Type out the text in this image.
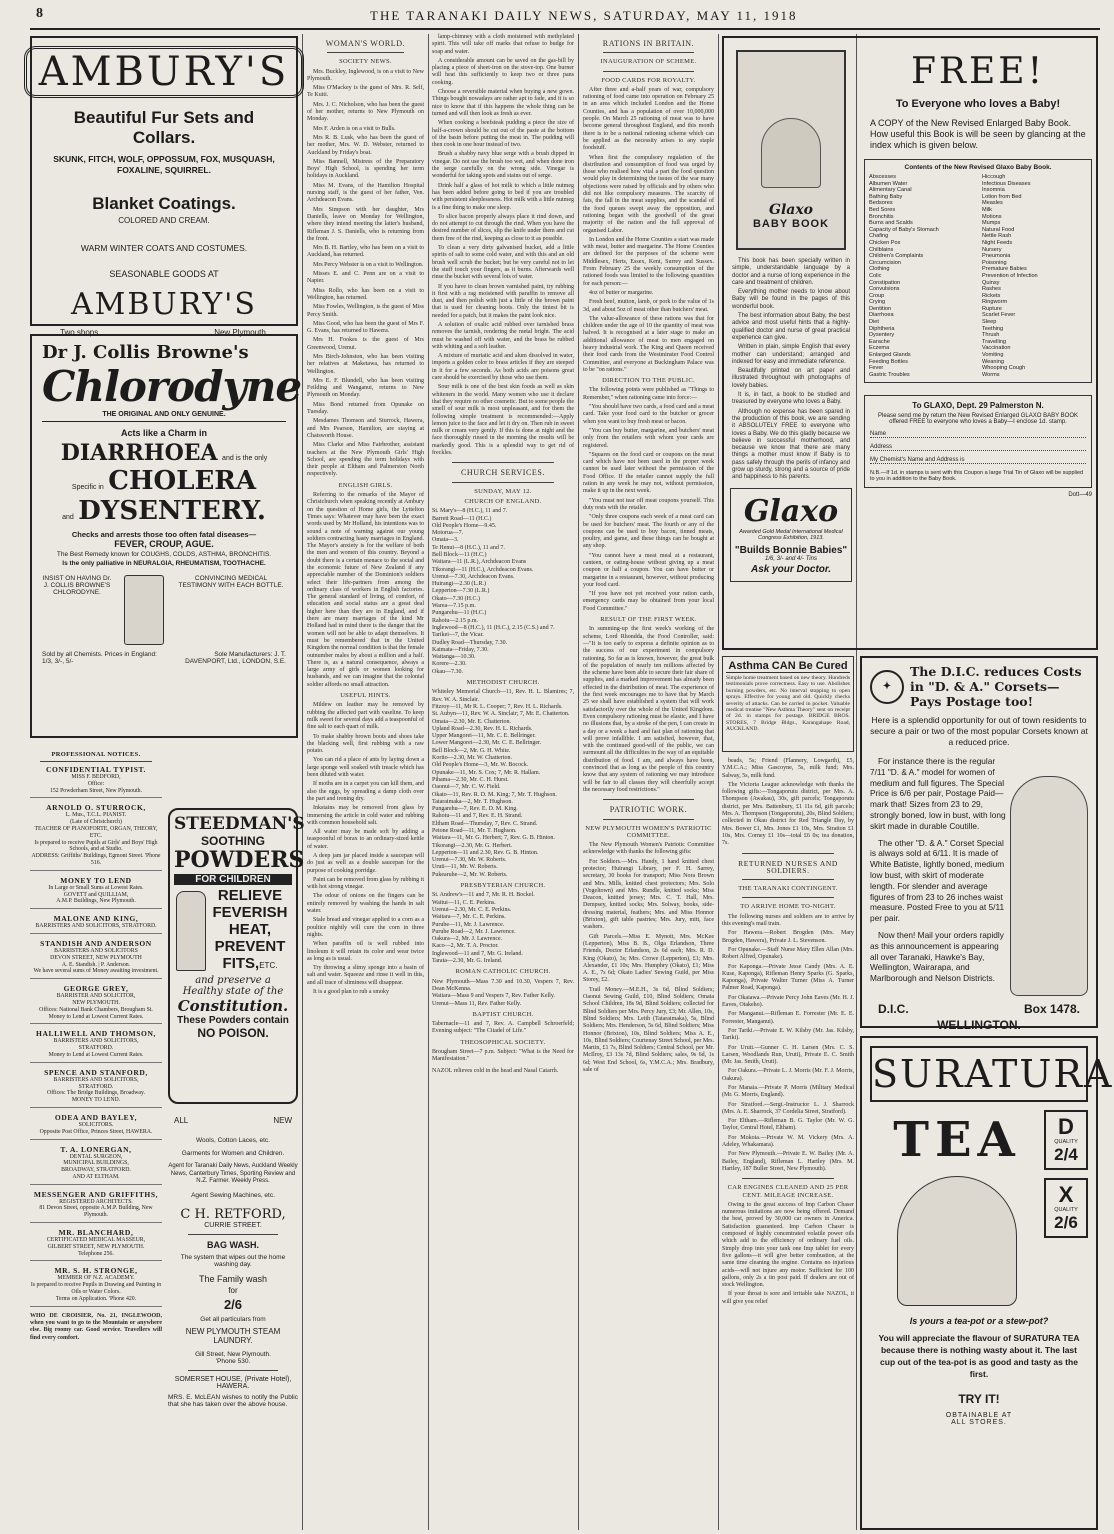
8	THE TARANAKI DAILY NEWS, SATURDAY, MAY 11, 1918
AMBURY'S
Beautiful Fur Sets and Collars.
SKUNK, FITCH, WOLF, OPPOSSUM, FOX, MUSQUASH, FOXALINE, SQUIRREL.
Blanket Coatings.
COLORED AND CREAM.
WARM WINTER COATS AND COSTUMES.
SEASONABLE GOODS AT
AMBURY'S
Two shops	New Plymouth.
Dr J. Collis Browne's
Chlorodyne
THE ORIGINAL AND ONLY GENUINE.
Acts like a Charm in
DIARRHOEA and is the only
Specific in CHOLERA
and DYSENTERY.
Checks and arrests those too often fatal diseases—
FEVER, CROUP, AGUE.
The Best Remedy known for COUGHS, COLDS, ASTHMA, BRONCHITIS.
Is the only palliative in NEURALGIA, RHEUMATISM, TOOTHACHE.
INSIST ON HAVING Dr. J. COLLIS BROWNE'S CHLORODYNE.
CONVINCING MEDICAL TESTIMONY WITH EACH BOTTLE.
Sold by all Chemists. Prices in England: 1/3, 3/-, 5/-
Sole Manufacturers: J. T. DAVENPORT, Ltd., LONDON, S.E.
PROFESSIONAL NOTICES.
CONFIDENTIAL TYPIST.
MISS F. BEDFORD,
Office:
152 Powderham Street, New Plymouth.
ARNOLD O. STURROCK,
L. Mus., T.C.L. PIANIST.
(Late of Christchurch)
TEACHER OF PIANOFORTE, ORGAN, THEORY, ETC.
Is prepared to receive Pupils at Girls' and Boys' High Schools, and at Studio.
ADDRESS: Griffiths' Buildings, Egmont Street. 'Phone 516.
MONEY TO LEND
In Large or Small Sums at Lowest Rates.
GOVETT and QUILLIAM,
A.M.P. Buildings, New Plymouth.
MALONE AND KING,
BARRISTERS AND SOLICITORS, STRATFORD.
STANDISH AND ANDERSON
BARRISTERS AND SOLICITORS
DEVON STREET, NEW PLYMOUTH
A. E. Standish. | P. Anderson.
We have several sums of Money awaiting investment.
GEORGE GREY,
BARRISTER AND SOLICITOR,
NEW PLYMOUTH.
Offices: National Bank Chambers, Brougham St.
Money to Lend at Lowest Current Rates.
HALLIWELL AND THOMSON,
BARRISTERS AND SOLICITORS,
STRATFORD.
Money to Lend at Lowest Current Rates.
SPENCE AND STANFORD,
BARRISTERS AND SOLICITORS,
STRATFORD.
Offices: The Bridge Buildings, Broadway.
MONEY TO LEND.
ODEA AND BAYLEY,
SOLICITORS.
Opposite Post Office, Princes Street, HAWERA.
T. A. LONERGAN,
DENTAL SURGEON,
MUNICIPAL BUILDINGS,
BROADWAY, STRATFORD.
AND AT ELTHAM.
MESSENGER AND GRIFFITHS,
REGISTERED ARCHITECTS.
81 Devon Street, opposite A.M.P. Building, New Plymouth.
MR. BLANCHARD,
CERTIFICATED MEDICAL MASSEUR,
GILBERT STREET, NEW PLYMOUTH.
Telephone 256.
MR. S. H. STRONGE,
MEMBER OF N.Z. ACADEMY.
Is prepared to receive Pupils in Drawing and Painting in Oils or Water Colors.
Terms on Application. 'Phone 420.
WHO DE CROISIER, No. 21, INGLEWOOD, when you want to go to the Mountain or anywhere else. Big roomy car. Good service. Travellers will find every comfort.
STEEDMAN'S
SOOTHING
POWDERS
FOR CHILDREN
RELIEVE
FEVERISH
HEAT,
PREVENT
FITS,ETC.
and preserve a
Healthy state of the
Constitution.
These Powders contain
NO POISON.
ALL	NEW
Wools, Cotton Laces, etc.
Garments for Women and Children.
Agent for Taranaki Daily News, Auckland Weekly News, Canterbury Times, Sporting Review and N.Z. Farmer. Weekly Press.
Agent Sewing Machines, etc.
C H. RETFORD,
CURRIE STREET.
BAG WASH.
The system that wipes out the home washing day.
The Family wash
for
2/6
Get all particulars from
NEW PLYMOUTH STEAM LAUNDRY.
Gill Street, New Plymouth.
'Phone 530.
SOMERSET HOUSE, (Private Hotel), HAWERA.
MRS. E. McLEAN wishes to notify the Public that she has taken over the above house.
WOMAN'S WORLD.
SOCIETY NEWS.

Mrs. Buckley, Inglewood, is on a visit to New Plymouth.

Miss O'Mackey is the guest of Mrs. R. Self, Te Kuiti.

Mrs. J. C. Nicholson, who has been the guest of her mother, returns to New Plymouth on Monday.

Mrs F. Arden is on a visit to Bulls.

Mrs R. B. Lusk, who has been the guest of her mother, Mrs. W. D. Webster, returned to Auckland by Friday's boat.

Miss Bannell, Mistress of the Preparatory Boys' High School, is spending her term holidays in Auckland.

Miss M. Evans, of the Hamilton Hospital nursing staff, is the guest of her father, Ven. Archdeacon Evans.

Mrs Simpson with her daughter, Mrs Daniells, leave on Monday for Wellington, where they intend meeting the latter's husband, Rifleman J. S. Daniells, who is returning from the front.

Mrs B. H. Bartley, who has been on a visit to Auckland, has returned.

Mrs Percy Webster is on a visit to Wellington.

Misses E. and C. Penn are on a visit to Napier.

Miss Rollo, who has been on a visit to Wellington, has returned.

Miss Fowles, Wellington, is the guest of Miss Percy Smith.

Miss Good, who has been the guest of Mrs F. G. Evans, has returned to Hawera.

Mrs H. Fookes is the guest of Mrs Greenwood, Urenui.

Mrs Birch-Johnston, who has been visiting her relatives at Maketawa, has returned to Wellington.

Mrs E. F. Blundell, who has been visiting Feilding and Wanganui, returns to New Plymouth on Monday.

Miss Bond returned from Opunake on Tuesday.

Mesdames Thomson and Sturrock, Hawera, and Mrs Pearson, Hamilton, are staying at Chatsworth House.

Miss Clarke and Miss Fairbrother, assistant teachers at the New Plymouth Girls' High School, are spending the term holidays with their people at Eltham and Palmerston North respectively.

ENGLISH GIRLS.

Referring to the remarks of the Mayor of Christchurch when speaking recently at Ambury on the question of Home girls, the Lyttelton Times says: Whatever may have been the exact words used by Mr Holland, his intentions was to sound a note of warning against our young soldiers contracting hasty marriages in England. The Mayor's anxiety is for the welfare of both the men and women of this country. Beyond a doubt there is a certain menace to the social and the economic future of New Zealand if any appreciable number of the Dominion's soldiers select their life-partners from among the ordinary class of workers in English factories. The general standard of living, of comfort, of education and social status are a great deal higher here than they are in England, and if there are many marriages of the kind Mr Holland had in mind there is the danger that the women will not be able to adapt themselves. It must be remembered that in the United Kingdom the normal condition is that the female outnumber males by about a million and a half. There is, as a natural consequence, always a large army of girls or women looking for husbands, and we can imagine that the colonial soldier affords no small attraction.

USEFUL HINTS.

Mildew on leather may be removed by rubbing the affected part with vaseline. To keep milk sweet for several days add a teaspoonful of fine salt to each quart of milk.

To make shabby brown boots and shoes take the blacking well, first rubbing with a raw potato.

You can rid a place of ants by laying down a large sponge well soaked with treacle which has been diluted with water.

If moths are in a carpet you can kill them, and also the eggs, by spreading a damp cloth over the part and ironing dry.

Inkstains may be removed from glass by immersing the article in cold water and rubbing with common household salt.

All water may be made soft by adding a teaspoonful of borax to an ordinary-sized kettle of water.

A deep jam jar placed inside a saucepan will do just as well as a double saucepan for the purpose of cooking porridge.

Paint can be removed from glass by rubbing it with hot strong vinegar.

The odour of onions on the fingers can be entirely removed by washing the hands in salt water.

Stale bread and vinegar applied to a corn as a poultice nightly will cure the corn in three nights.

When paraffin oil is well rubbed into linoleum it will retain its color and wear twice as long as is usual.

Try throwing a slimy sponge into a basin of salt and water. Squeeze and rinse it well in this, and all trace of sliminess will disappear.

It is a good plan to rub a smoky

lamp-chimney with a cloth moistened with methylated spirit. This will take off marks that refuse to budge for soap and water.

A considerable amount can be saved on the gas-bill by placing a piece of sheet-iron on the stove-top. One burner will heat this sufficiently to keep two or three pans cooking.

Choose a reversible material when buying a new gown. Things bought nowadays are rather apt to fade, and it is so nice to know that if this happens the whole thing can be turned and will then look as fresh as ever.

When cooking a beefsteak pudding a piece the size of half-a-crown should be cut out of the paste at the bottom of the basin before putting the meat in. The pudding will then cook in one hour instead of two.

Brush a shabby navy blue serge with a brush dipped in vinegar. Do not use the brush too wet, and when done iron the serge carefully on the wrong side. Vinegar is wonderful for taking spots and stains out of serge.

Drink half a glass of hot milk to which a little nutmeg has been added before going to bed if you are troubled with persistent sleeplessness. Hot milk with a little nutmeg is a fine thing to make one sleep.

To slice bacon properly always place it rind down, and do not attempt to cut through the rind. When you have the desired number of slices, slip the knife under them and cut them free of the rind, keeping as close to it as possible.

To clean a very dirty galvanised bucket, add a little spirits of salt to some cold water, and with this and an old brush well scrub the bucket; but be very careful not to let the stuff touch your fingers, as it burns. Afterwards well rinse the bucket with several lots of water.

If you have to clean brown varnished paint, try rubbing it first with a rag moistened with paraffin to remove all dust, and then polish with just a little of the brown paint that is used for cleaning boots. Only the tiniest bit is needed for a patch, but it makes the paint look nice.

A solution of oxalic acid rubbed over tarnished brass removes the tarnish, rendering the metal bright. The acid must be washed off with water, and the brass be rubbed with whiting and a soft leather.

A mixture of muriatic acid and alum dissolved in water, imports a golden color to brass articles if they are steeped in it for a few seconds. As both acids are poisons great care should be exercised by those who use them.

Sour milk is one of the best skin foods as well as skin whiteners in the world. Many women who use it declare that they require no other cosmetic. But to some people the smell of sour milk is most unpleasant, and for them the following simple treatment is recommended:—Apply lemon juice to the face and let it dry on. Then rub in sweet milk or cream very gently. If this is done at night and the face thoroughly rinsed in the morning the results will be markedly good. This is a splendid way to get rid of freckles.

CHURCH SERVICES.
SUNDAY, MAY 12.
CHURCH OF ENGLAND.
St. Mary's—8 (H.C.), 11 and 7.
Barrett Road—11 (H.C.)
Old People's Home—9.45.
Motorua—7.
Omata—3.
Te Henui—8 (H.C.), 11 and 7.
Bell Block—11 (H.C.)
Waitara—11 (L.R.), Archdeacon Evans
Tikorangi—11 (H.C.), Archdeacon Evans.
Urenui—7.30, Archdeacon Evans.
Huirangi—2.30 (L.R.)
Lepperton—7.30 (L.R.)
Okato—7.30 (H.C.)
Warea—7.15 p.m.
Pungarehu—11 (H.C.)
Rahotu—2.15 p.m.
Inglewood—8 (H.C.), 11 (H.C.), 2.15 (C.S.) and 7.
Tarikei—7, the Vicar.
Dudley Road—Thursday, 7.30.
Kaimata—Friday, 7.30.
Waitanga—10.30.
Korere—2.30.
Okau—7.30.
METHODIST CHURCH.
Whiteley Memorial Church—11, Rev. H. L. Blamires; 7, Rev. W. A. Sinclair.
Fitzroy—11, Mr R. L. Cooper; 7, Rev. H. L. Richards.
St. Aubyn—11, Rev. W. A. Sinclair; 7, Mr. E. Chatterton.
Omata—2.30, Mr. E. Chatterton.
Upland Road—2.30, Rev. H. L. Richards.
Upper Mangorei—11, Mr. C. E. Bellringer.
Lower Mangorei—2.30, Mr. C. E. Bellringer.
Bell Block—2, Mr. G. H. White.
Korito—2.30, Mr. W. Chatterton.
Old People's Home—3, Mr. W. Bocock.
Opunake—11, Mr. S. Cox; 7, Mr. R. Hallam.
Pihama—2.30, Mr. C. H. Hurst.
Oaonui—7, Mr. C. W. Field.
Okato—11, Rev. R. D. M. King; 7, Mr. T. Hughson.
Tataraimaka—2, Mr. T. Hughson.
Pungarehu—7, Rev. E. D. M. King.
Rahotu—11 and 7, Rev. E. H. Strand.
Eltham Road—Thursday, 7, Rev. C. Strand.
Petone Road—11, Mr. T. Hughson.
Waitara—11, Mr. G. Herbert; 7, Rev. G. B. Hinton.
Tikorangi—2.30, Mr. G. Herbert.
Lepperton—11 and 2.30, Rev. G. B. Hinton.
Urenui—7.30, Mr. W. Roberts.
Uruti—11, Mr. W. Roberts.
Pukearuhe—2, Mr. W. Roberts.
PRESBYTERIAN CHURCH.
St. Andrew's—11 and 7, Mr. R. H. Bockel.
Waitui—11, C. E. Perkins.
Urenui—2.30, Mr. C. E. Perkins.
Waitara—7, Mr. C. E. Perkins.
Purube—11, Mr. J. Lawrence.
Purube Road—2, Mr. J. Lawrence.
Oakura—2, Mr. J. Lawrence.
Kaco—2, Mr. T. A. Proctor.
Inglewood—11 and 7, Mr. G. Ireland.
Tarata—2.30, Mr. G. Ireland.
ROMAN CATHOLIC CHURCH.
New Plymouth—Mass 7.30 and 10.30, Vespers 7, Rev. Dean McKenna.
Waitara—Mass 9 and Vespers 7, Rev. Father Kelly.
Urenui—Mass 11, Rev. Father Kelly.
BAPTIST CHURCH.
Tabernacle—11 and 7, Rev. A. Campbell Schroerfeld; Evening subject: "The Citadel of Life."
THEOSOPHICAL SOCIETY.
Brougham Street—7 p.m. Subject: "What is the Need for Manifestation."
NAZOL relieves cold in the head and Nasal Catarrh.
RATIONS IN BRITAIN.
INAUGURATION OF SCHEME.
FOOD CARDS FOR ROYALTY.

After three and a-half years of war, compulsory rationing of food came into operation on February 25 in an area which included London and the Home Counties, and has a population of over 10,000,000 people. On March 25 rationing of meat was to have become general throughout England, and this month there is to be a national rationing scheme which can be applied as the necessity arises to any staple foodstuff.

When first the compulsory regulation of the distribution and consumption of food was urged by those who realised how vital a part the food question would play in determining the issues of the war many objections were raised by officials and by others who did not like compulsory measures. The scarcity of fats, the fall in the meat supplies, and the scandal of the food queues swept away the opposition, and rationing began with the goodwill of the great majority of the nation and the full approval of organised Labor.

In London and the Home Counties a start was made with meat, butter and margarine. The Home Counties are defined for the purposes of the scheme were Middlesex, Herts, Essex, Kent, Surrey and Sussex. From February 25 the weekly consumption of the rationed foods was limited to the following quantities for each person:—

4oz of butter or margarine.

Fresh beef, mutton, lamb, or pork to the value of 1s 3d, and about 5oz of meat other than butchers' meat.

The value-allowance of these rations was that for children under the age of 10 the quantity of meat was halved. It is recognised at a later stage to make an additional allowance of meat to men engaged on heavy industrial work. The King and Queen received their food cards from the Westminster Food Control Committee, and everyone at Buckingham Palace was to be "on rations."

DIRECTION TO THE PUBLIC.

The following points were published as "Things to Remember," when rationing came into force:—

"You should have two cards, a food card and a meat card. Take your food card to the butcher or grocer when you want to buy fresh meat or bacon.

"You can buy butter, margarine, and butchers' meat only from the retailers with whom your cards are registered.

"Squares on the food card or coupons on the meat card which have not been used in the proper week cannot be used later without the permission of the Food Office. If the retailer cannot supply the full ration in any week he may not, without permission, make it up in the next week.

"You must not tear off meat coupons yourself. This duty rests with the retailer.

"Only three coupons each week of a meat card can be used for butchers' meat. The fourth or any of the coupons can be used to buy bacon, tinned meats, poultry, and game, and these things can be bought at any shop.

"You cannot have a meat meal at a restaurant, canteen, or eating-house without giving up a meat coupon or half a coupon. You can have butter or margarine in a restaurant, however, without producing your food card.

"If you have not yet received your ration cards, emergency cards may be obtained from your local Food Committee."

RESULT OF THE FIRST WEEK.

In summing-up the first week's working of the scheme, Lord Rhondda, the Food Controller, said:—"It is too early to express a definite opinion as to the success of our experiment in compulsory rationing. So far as is known, however, the great bulk of the population of nearly ten millions affected by the scheme have been able to secure their fair share of supplies, and a marked improvement has already been effected in the distribution of meat. The experience of the first week encourages me to have that by March 25 we shall have established a system that will work satisfactorily over the whole of the United Kingdom. Even compulsory rationing must be elastic, and I have no illusions that, by a stroke of the pen, I can create in a day or a week a hard and fast plan of rationing that will prove infallible. I am satisfied, however, that, with the continued good-will of the public, we can surmount all the difficulties in the way of an equitable distribution of food. I am, and always have been, convinced that as long as the people of this country know that any system of rationing we may introduce will be fair to all classes they will cheerfully accept the necessary food restrictions."

PATRIOTIC WORK.
NEW PLYMOUTH WOMEN'S PATRIOTIC COMMITTEE.

The New Plymouth Women's Patriotic Committee acknowledge with thanks the following gifts:

For Soldiers.—Mrs. Handy, 1 hand knitted chest protector; Huirangi Library, per F. H. Sarrey, secretary, 30 books for transport; Miss Nora Brown and Mrs. Mills, knitted chest protectors; Mrs. Solo (Vogeltown) and Mrs. Rundle, knitted socks; Miss Deacon, knitted jersey; Mrs. C. T. Hall, Mrs. Dempsey, knitted socks; Mrs. Solway, books, side-dressing material, feathers; Mrs. and Miss Honnor (Brixton), gift table pastries; Mrs. Jury, mitt, face washers.

Gift Parcels.—Miss E. Mynott, Mrs. McKee (Lepperton), Miss B. B., Olga Erlandson, Three Friends, Doctor Erlandson, 2s 6d each; Mrs. R. D. King (Okato), 3s; Mrs. Crowe (Lepperton), £1; Mrs. Alexander, £1 10s; Mrs. Humphry (Okato), £1; Miss A. E., 7s 6d; Okato Ladies' Sewing Guild, per Miss Storey, £2.

Trail Money.—M.E.H., 3s 6d, Blind Soldiers; Oaonui Sewing Guild, £10, Blind Soldiers; Omata School Children, 18s 9d, Blind Soldiers; collected for Blind Soldiers per Mrs. Percy Jury, £3; Mr. Allen, 10s, Blind Soldiers; Mrs. Leith (Tataraimaka), 5s, Blind Soldiers; Mrs. Henderson, 5s 6d, Blind Soldiers; Miss Honnor (Brixton), 10s, Blind Soldiers; Miss A. E., 10s, Blind Soldiers; Courtenay Street School, per Mrs. Martin, £1 7s, Blind Soldiers; Central School, per Mr. McIlroy, £3 13s 7d, Blind Soldiers; sales, 9s 6d, 1s 6d; West End School, 6s, Y.M.C.A.; Mrs. Bradbury, sale of

Glaxo
BABY BOOK

This book has been specially written in simple, understandable language by a doctor and a nurse of long experience in the care and treatment of children.

Everything mother needs to know about Baby will be found in the pages of this wonderful book.

The best information about Baby, the best advice and most useful hints that a highly-qualified doctor and nurse of great practical experience can give.

Written in plain, simple English that every mother can understand; arranged and indexed for easy and immediate reference.

Beautifully printed on art paper and illustrated throughout with photographs of lovely babies.

It is, in fact, a book to be studied and treasured by everyone who loves a Baby.

Although no expense has been spared in the production of this book, we are sending it ABSOLUTELY FREE to everyone who loves a Baby. We do this gladly because we believe in successful motherhood, and because we know that there are many things a mother must know if Baby is to pass safely through the perils of infancy and grow up sturdy, strong and a source of pride and happiness to his parents.

Glaxo
Awarded Gold Medal International Medical Congress Exhibition, 1913.
"Builds Bonnie Babies"
1/6, 3/- and 4/- Tins
Ask your Doctor.
FREE!
To Everyone who loves a Baby!
A COPY of the New Revised Enlarged Baby Book. How useful this Book is will be seen by glancing at the index which is given below.
Contents of the New Revised Glaxo Baby Book.
Abscesses
Albumen Water
Alimentary Canal
Bathing Baby
Bedsores
Bed Sores
Bronchitis
Burns and Scalds
Capacity of Baby's Stomach
Chafing
Chicken Pox
Chilblains
Children's Complaints
Circumcision
Clothing
Colic
Constipation
Convulsions
Croup
Crying
Dentition
Diarrhoea
Diet
Diphtheria
Dysentery
Earache
Eczema
Enlarged Glands
Feeding Bottles
Fever
Gastric Troubles
Hiccough
Infectious Diseases
Insomnia
Lotion from Bed
Measles
Milk
Motions
Mumps
Natural Food
Nettle Rash
Night Feeds
Nursery
Pneumonia
Poisoning
Premature Babies
Prevention of Infection
Quinsy
Rashes
Rickets
Ringworm
Rupture
Scarlet Fever
Sleep
Teething
Thrush
Travelling
Vaccination
Vomiting
Weaning
Whooping Cough
Worms
To GLAXO, Dept. 29 Palmerston N.
Please send me by return the New Revised Enlarged GLAXO BABY BOOK offered FREE to everyone who loves a Baby—I enclose 1d. stamp.
Name
Address
My Chemist's Name and Address is
N.B.—If 1d. in stamps is sent with this Coupon a large Trial Tin of Glaxo will be supplied to you in addition to the Baby Book.
Dott—49
Asthma CAN Be Cured
Simple home treatment based on new theory. Hundreds testimonials prove correctness. Easy to use. Abolishes burning powders, etc. No interval stopping to open sprays. Effective for young and old. Quickly checks severity of attacks. Can be carried in pocket. Valuable medical treatise "New Asthma Theory" sent on receipt of 2d. in stamps for postage. BRIDGE BROS. STORES, 7 Bridge Bldgs., Karangahape Road, AUCKLAND.

beads, 5s; Friend (Flannery, Lowgarth), £5, Y.M.C.A.; Miss Gascoyne, 5s, milk fund; Mrs. Salway, 5s, milk fund.

The Victoria League acknowledge with thanks the following gifts:—Tongaporutu district, per Mrs. A. Thompson (Awakau), 30s, gift parcels; Tongaporutu district, per Mrs. Battenbury, £1 11s 6d, gift parcels; Mrs. A. Thompson (Tongaporutu), 20s, Blind Soldiers; collected in Okau district for Red Triangle Day, by Mrs. Bower £1, Mrs. Jones £1 10s, Mrs. Stratton £1 10s, Mrs. Corney £1 10s—total £6 0s; tea donation, 7s.

RETURNED NURSES AND SOLDIERS.
THE TARANAKI CONTINGENT.
TO ARRIVE HOME TO-NIGHT.

The following nurses and soldiers are to arrive by this evening's mail train.

For Hawera.—Robert Brogden (Mrs. Mary Brogden, Hawera), Private J. L. Stevenson.

For Opunake.—Staff Nurse Mary Ellen Allan (Mrs. Robert Alfred, Opunake).

For Kaponga.—Private Jesse Candy (Mrs. A. E. Kuse, Kaponga), Rifleman Henry Sparks (G. Sparks, Kaponga), Private Walter Turner (Miss A. Turner Palmer Road, Kaponga).

For Okaiawa.—Private Percy John Eaves (Mr. H. J. Eaves, Otakeho).

For Manganui.—Rifleman E. Forrester (Mr. E. E. Forrester, Manganui).

For Tariki.—Private E. W. Kilsby (Mr. Jas. Kilsby, Tariki).

For Uruti.—Gunner C. H. Larsen (Mrs. C. S. Larsen, Woodlands Run, Uruti), Private E. C. Smith (Mr. Jas. Smith, Uruti).

For Oakura.—Private L. J. Morris (Mr. F. J. Morris, Oakura).

For Manaia.—Private P. Morris (Military Medical (Mr. G. Morris, England).

For Stratford.—Sergt.-Instructor L. J. Sharrock (Mrs. A. E. Sharrock, 37 Cordelia Street, Stratford).

For Eltham.—Rifleman B. G. Taylor (Mr. W. G. Taylor, Central Hotel, Eltham).

For Mokoia.—Private W. M. Vickery (Mrs. A. Adeley, Whakamara).

For New Plymouth.—Private E. W. Bailey (Mr. A. Bailey, England), Rifleman L. Hartley (Mrs. M. Hartley, 187 Buller Street, New Plymouth).

CAR ENGINES CLEANED AND 25 PER CENT. MILEAGE INCREASE.

Owing to the great success of Imp Carbon Chaser numerous imitations are now being offered. Demand the best, proved by 30,000 car owners in America. Satisfaction guaranteed. Imp Carbon Chaser is composed of highly concentrated volatile power oils which add to the efficiency of ordinary fuel oils. Simply drop into your tank one Imp tablet for every five gallons—it will give better combustion, at the same time cleaning the engine. Contains no injurious acids—will not injure any motor. Sufficient for 100 gallons, only 2s a tin post paid. If dealers are out of stock Wellington.

If your throat is sore and irritable take NAZOL, it will give you relief

✦
The D.I.C. reduces Costs in "D. & A." Corsets—Pays Postage too!
Here is a splendid opportunity for out of town residents to secure a pair or two of the most popular Corsets known at a reduced price.

For instance there is the regular 7/11 "D. & A." model for women of medium and full figures. The Special Price is 6/6 per pair, Postage Paid—mark that! Sizes from 23 to 29, strongly boned, low in bust, with long skirt made in durable Coutille.

The other "D. & A." Corset Special is always sold at 6/11. It is made of White Batiste, lightly boned, medium low bust, with skirt of moderate length. For slender and average figures of from 23 to 26 inches waist measure. Posted Free to you at 5/11 per pair.

Now then! Mail your orders rapidly as this announcement is appearing all over Taranaki, Hawke's Bay, Wellington, Wairarapa, and Marlborough and Nelson Districts.

D.I.C.	Box 1478.
WELLINGTON.
SURATURA
TEA	D
QUALITY
2/4
X
QUALITY
2/6
Is yours a tea-pot or a stew-pot?
You will appreciate the flavour of SURATURA TEA because there is nothing wasty about it. The last cup out of the tea-pot is as good and tasty as the first.
TRY IT!
OBTAINABLE AT ALL STORES.
